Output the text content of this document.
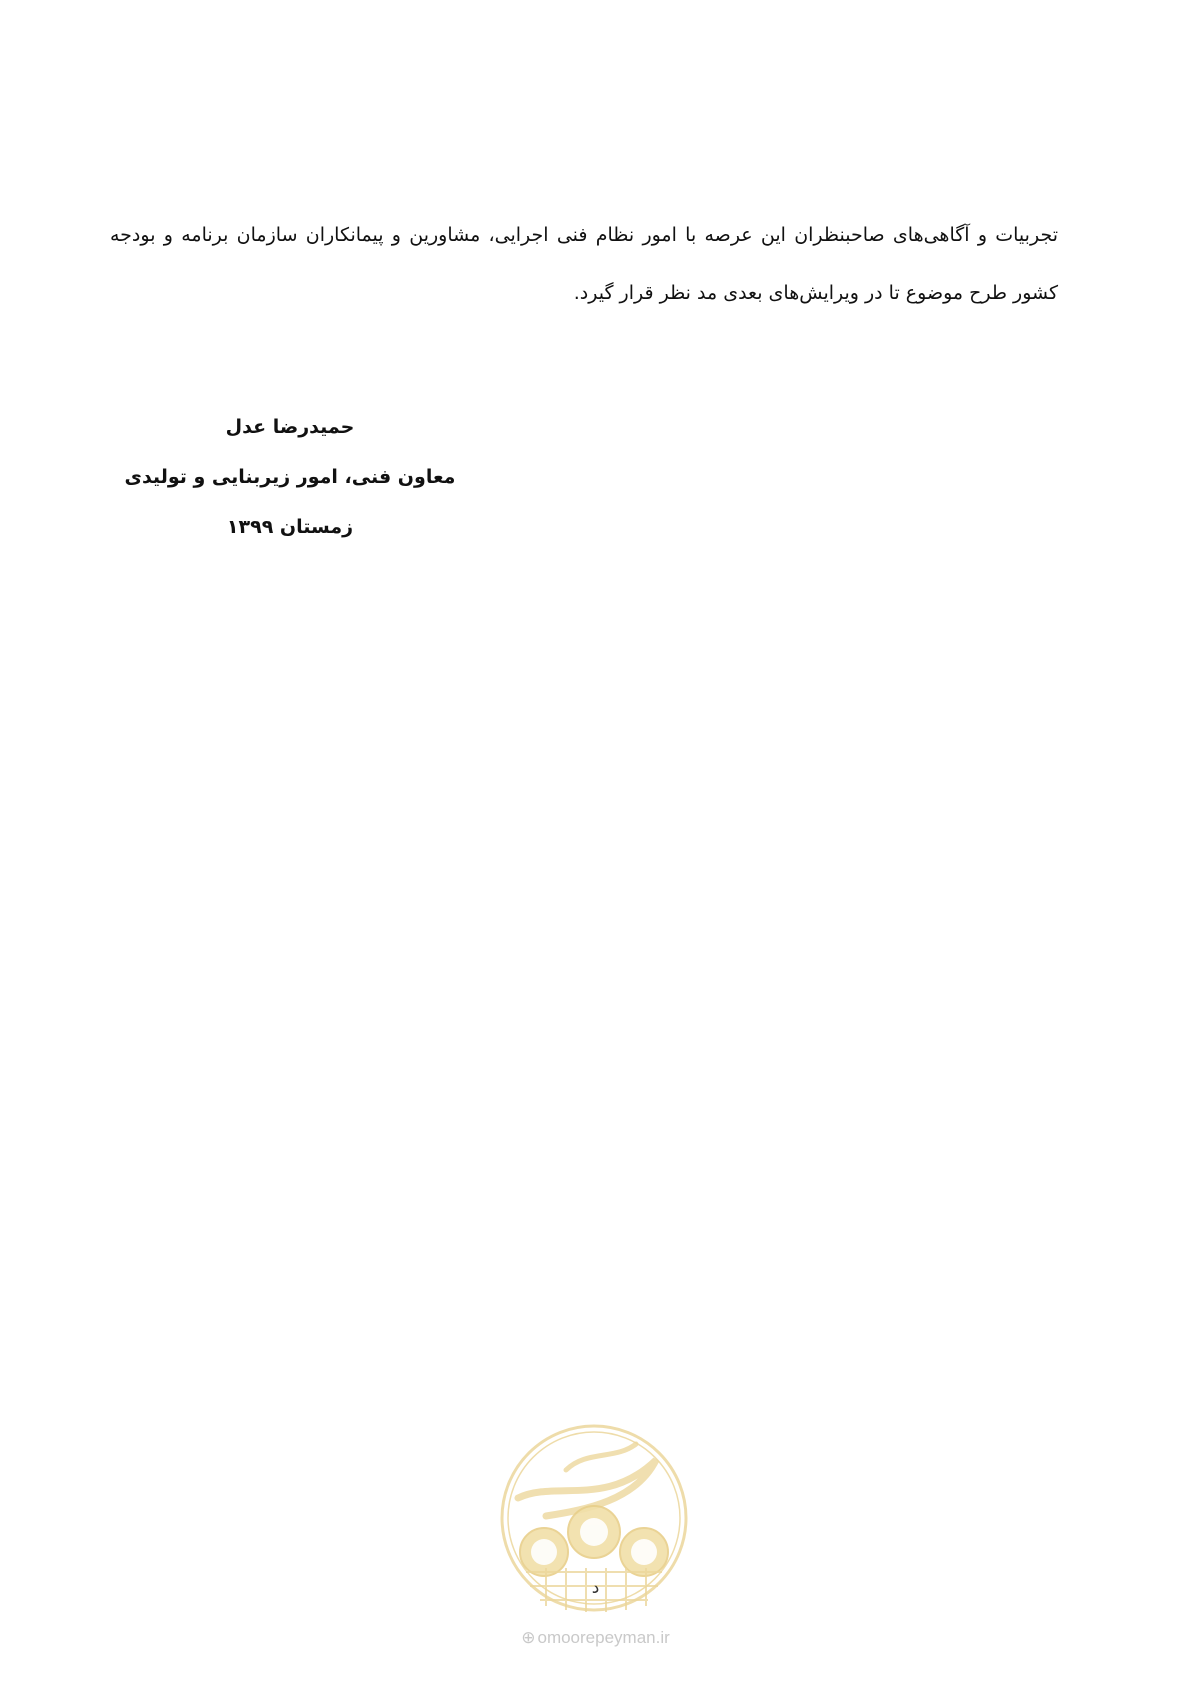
تجربیات و آگاهی‌های صاحبنظران این عرصه با امور نظام فنی اجرایی، مشاورین و پیمانکاران سازمان برنامه و بودجه کشور طرح موضوع تا در ویرایش‌های بعدی مد نظر قرار گیرد.

حمیدرضا عدل
معاون فنی، امور زیربنایی و تولیدی
زمستان ۱۳۹۹
د
⊕ omoorepeyman.ir
